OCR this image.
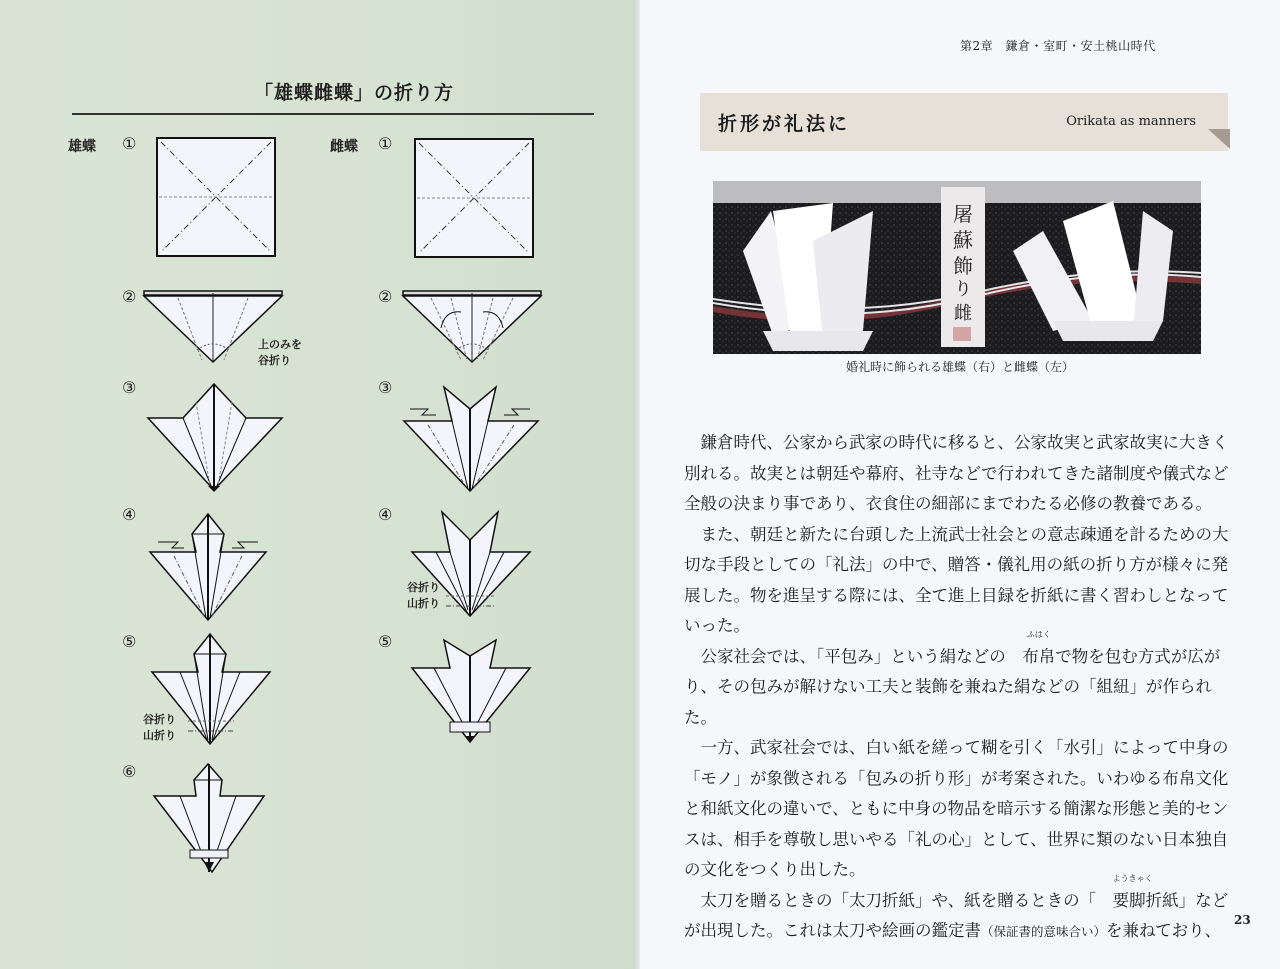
「雄蝶雌蝶」の折り方
雄蝶	雌蝶
①
②
③
④
⑤
⑥
①
②
③
④
⑤
上のみを
谷折り
谷折り
山折り
谷折り
山折り
第2章　鎌倉・室町・安土桃山時代
折形が礼法に	Orikata as manners
屠
蘇
飾
り
雌
婚礼時に飾られる雄蝶（右）と雌蝶（左）

鎌倉時代、公家から武家の時代に移ると、公家故実と武家故実に大きく別れる。故実とは朝廷や幕府、社寺などで行われてきた諸制度や儀式など全般の決まり事であり、衣食住の細部にまでわたる必修の教養である。

また、朝廷と新たに台頭した上流武士社会との意志疎通を計るための大切な手段としての「礼法」の中で、贈答・儀礼用の紙の折り方が様々に発展した。物を進呈する際には、全て進上目録を折紙に書く習わしとなっていった。

公家社会では、「平包み」という絹などの 布帛
ふはく
で物を包む方式が広がり、その包みが解けない工夫と装飾を兼ねた絹などの「組紐」が作られた。

一方、武家社会では、白い紙を縒って糊を引く「水引」によって中身の「モノ」が象徴される「包みの折り形」が考案された。いわゆる布帛文化と和紙文化の違いで、ともに中身の物品を暗示する簡潔な形態と美的センスは、相手を尊敬し思いやる「礼の心」として、世界に類のない日本独自の文化をつくり出した。

太刀を贈るときの「太刀折紙」や、紙を贈るときの「 要脚
ようきゃく
折紙」などが出現した。これは太刀や絵画の鑑定書（保証書的意味合い）を兼ねており、

23
